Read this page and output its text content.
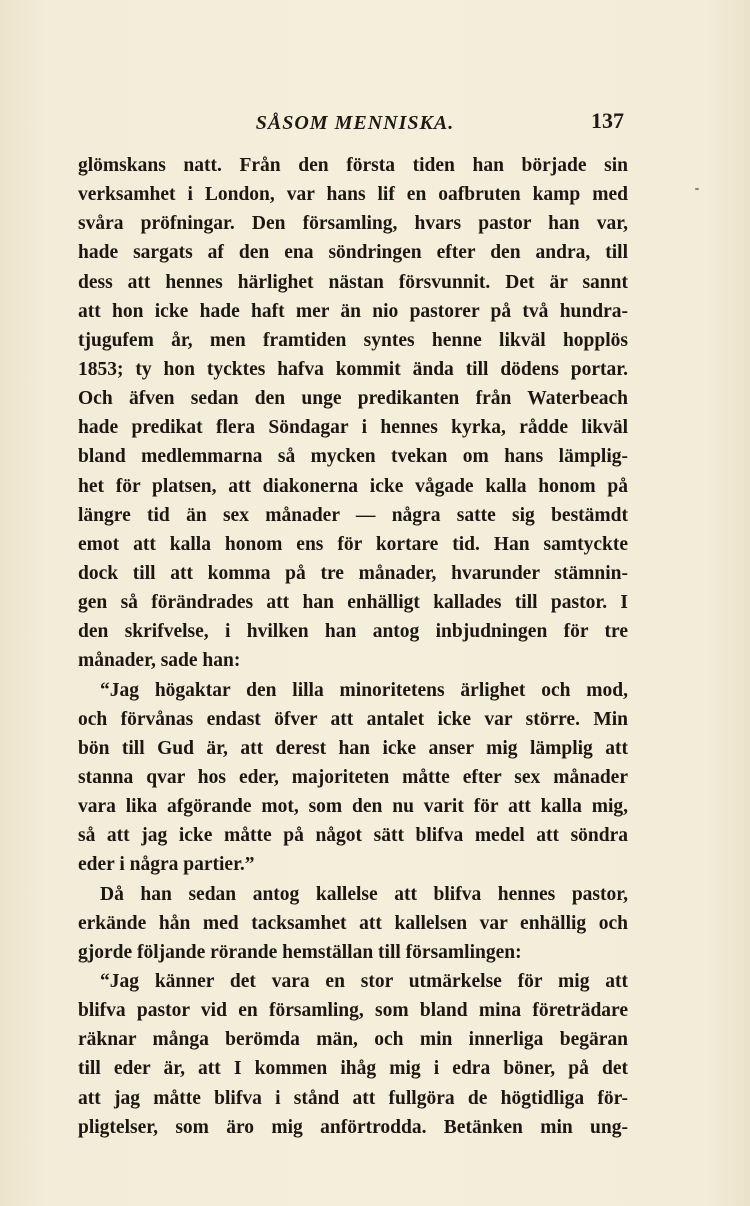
SÅSOM MENNISKA.	137
glömskans natt. Från den första tiden han började sin
verksamhet i London, var hans lif en oafbruten kamp med
svåra pröfningar. Den församling, hvars pastor han var,
hade sargats af den ena söndringen efter den andra, till
dess att hennes härlighet nästan försvunnit. Det är sannt
att hon icke hade haft mer än nio pastorer på två hundra-
tjugufem år, men framtiden syntes henne likväl hopplös
1853; ty hon tycktes hafva kommit ända till dödens portar.
Och äfven sedan den unge predikanten från Waterbeach
hade predikat flera Söndagar i hennes kyrka, rådde likväl
bland medlemmarna så mycken tvekan om hans lämplig-
het för platsen, att diakonerna icke vågade kalla honom på
längre tid än sex månader — några satte sig bestämdt
emot att kalla honom ens för kortare tid. Han samtyckte
dock till att komma på tre månader, hvarunder stämnin-
gen så förändrades att han enhälligt kallades till pastor. I
den skrifvelse, i hvilken han antog inbjudningen för tre
månader, sade han:
“Jag högaktar den lilla minoritetens ärlighet och mod,
och förvånas endast öfver att antalet icke var större. Min
bön till Gud är, att derest han icke anser mig lämplig att
stanna qvar hos eder, majoriteten måtte efter sex månader
vara lika afgörande mot, som den nu varit för att kalla mig,
så att jag icke måtte på något sätt blifva medel att söndra
eder i några partier.”
Då han sedan antog kallelse att blifva hennes pastor,
erkände hån med tacksamhet att kallelsen var enhällig och
gjorde följande rörande hemställan till församlingen:
“Jag känner det vara en stor utmärkelse för mig att
blifva pastor vid en församling, som bland mina företrädare
räknar många berömda män, och min innerliga begäran
till eder är, att I kommen ihåg mig i edra böner, på det
att jag måtte blifva i stånd att fullgöra de högtidliga för-
pligtelser, som äro mig anförtrodda. Betänken min ung-
